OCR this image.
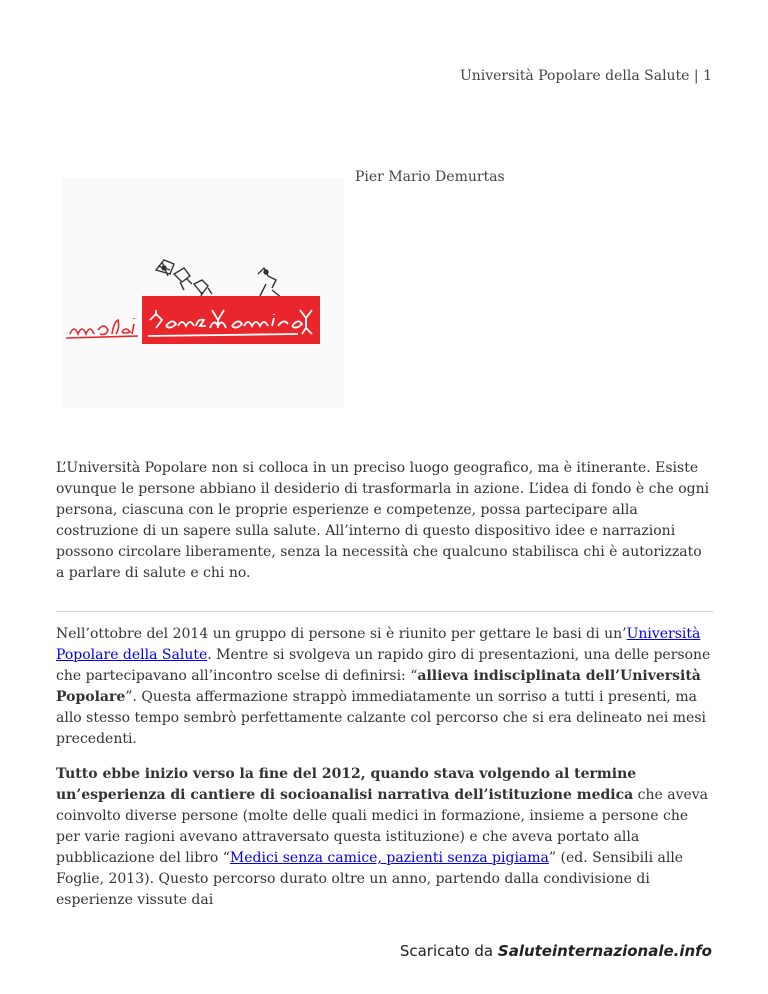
Università Popolare della Salute | 1
Pier Mario Demurtas

L’Università Popolare non si colloca in un preciso luogo geografico, ma è itinerante. Esiste ovunque le persone abbiano il desiderio di trasformarla in azione. L’idea di fondo è che ogni persona, ciascuna con le proprie esperienze e competenze, possa partecipare alla costruzione di un sapere sulla salute. All’interno di questo dispositivo idee e narrazioni possono circolare liberamente, senza la necessità che qualcuno stabilisca chi è autorizzato a parlare di salute e chi no.

Nell’ottobre del 2014 un gruppo di persone si è riunito per gettare le basi di un’Università Popolare della Salute. Mentre si svolgeva un rapido giro di presentazioni, una delle persone che partecipavano all’incontro scelse di definirsi: “allieva indisciplinata dell’Università Popolare”. Questa affermazione strappò immediatamente un sorriso a tutti i presenti, ma allo stesso tempo sembrò perfettamente calzante col percorso che si era delineato nei mesi precedenti.

Tutto ebbe inizio verso la fine del 2012, quando stava volgendo al termine un’esperienza di cantiere di socioanalisi narrativa dell’istituzione medica che aveva coinvolto diverse persone (molte delle quali medici in formazione, insieme a persone che per varie ragioni avevano attraversato questa istituzione) e che aveva portato alla pubblicazione del libro “Medici senza camice, pazienti senza pigiama” (ed. Sensibili alle Foglie, 2013). Questo percorso durato oltre un anno, partendo dalla condivisione di esperienze vissute dai

Scaricato da Saluteinternazionale.info
